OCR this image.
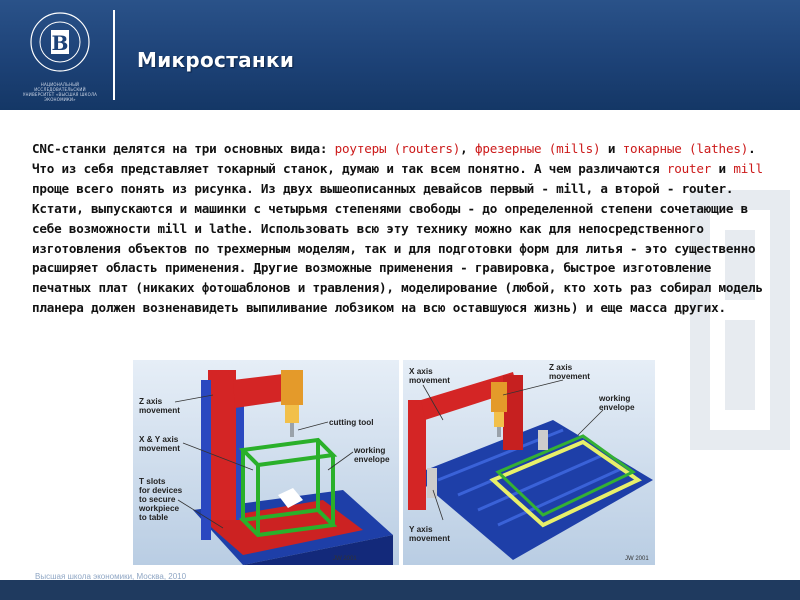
В
НАЦИОНАЛЬНЫЙ ИССЛЕДОВАТЕЛЬСКИЙ УНИВЕРСИТЕТ «ВЫСШАЯ ШКОЛА ЭКОНОМИКИ»
Микростанки
CNC-станки делятся на три основных вида: роутеры (routers), фрезерные (mills) и токарные (lathes). Что из себя представляет токарный станок, думаю и так всем понятно. А чем различаются router и mill проще всего понять из рисунка. Из двух вышеописанных девайсов первый - mill, а второй - router. Кстати, выпускаются и машинки с четырьмя степенями свободы - до определенной степени сочетающие в себе возможности mill и lathe. Использовать всю эту технику можно как для непосредственного изготовления объектов по трехмерным моделям, так и для подготовки форм для литья - это существенно расширяет область применения. Другие возможные применения - гравировка, быстрое изготовление печатных плат (никаких фотошаблонов и травления), моделирование (любой, кто хоть раз собирал модель планера должен возненавидеть выпиливание лобзиком на всю оставшуюся жизнь) и еще масса других.
Z axis
movement
X & Y axis
movement
cutting tool
working
envelope
T slots
for devices
to secure
workpiece
to table
JW 2001
X axis
movement
Z axis
movement
working
envelope
Y axis
movement
JW 2001
Высшая школа экономики, Москва, 2010
